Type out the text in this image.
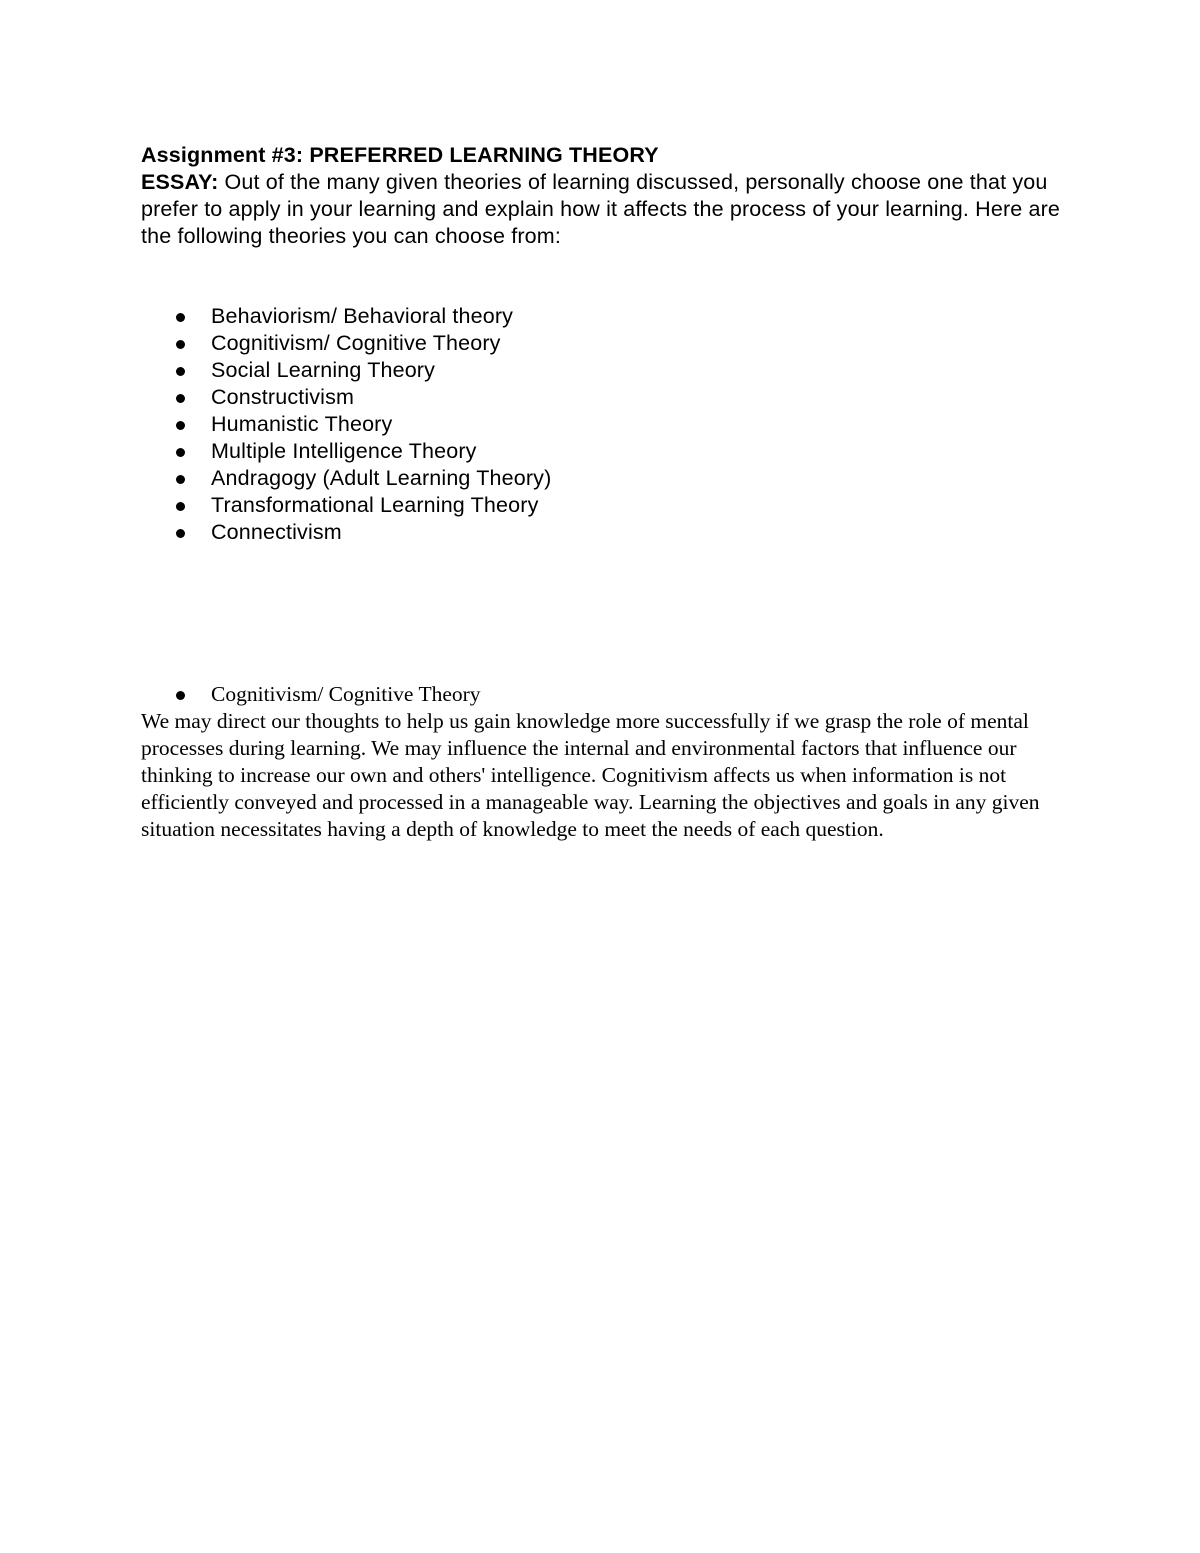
Assignment #3: PREFERRED LEARNING THEORY

ESSAY: Out of the many given theories of learning discussed, personally choose one that you prefer to apply in your learning and explain how it affects the process of your learning. Here are the following theories you can choose from:

Behaviorism/ Behavioral theory
Cognitivism/ Cognitive Theory
Social Learning Theory
Constructivism
Humanistic Theory
Multiple Intelligence Theory
Andragogy (Adult Learning Theory)
Transformational Learning Theory
Connectivism
Cognitivism/ Cognitive Theory

We may direct our thoughts to help us gain knowledge more successfully if we grasp the role of mental processes during learning. We may influence the internal and environmental factors that influence our thinking to increase our own and others' intelligence. Cognitivism affects us when information is not efficiently conveyed and processed in a manageable way. Learning the objectives and goals in any given situation necessitates having a depth of knowledge to meet the needs of each question.
